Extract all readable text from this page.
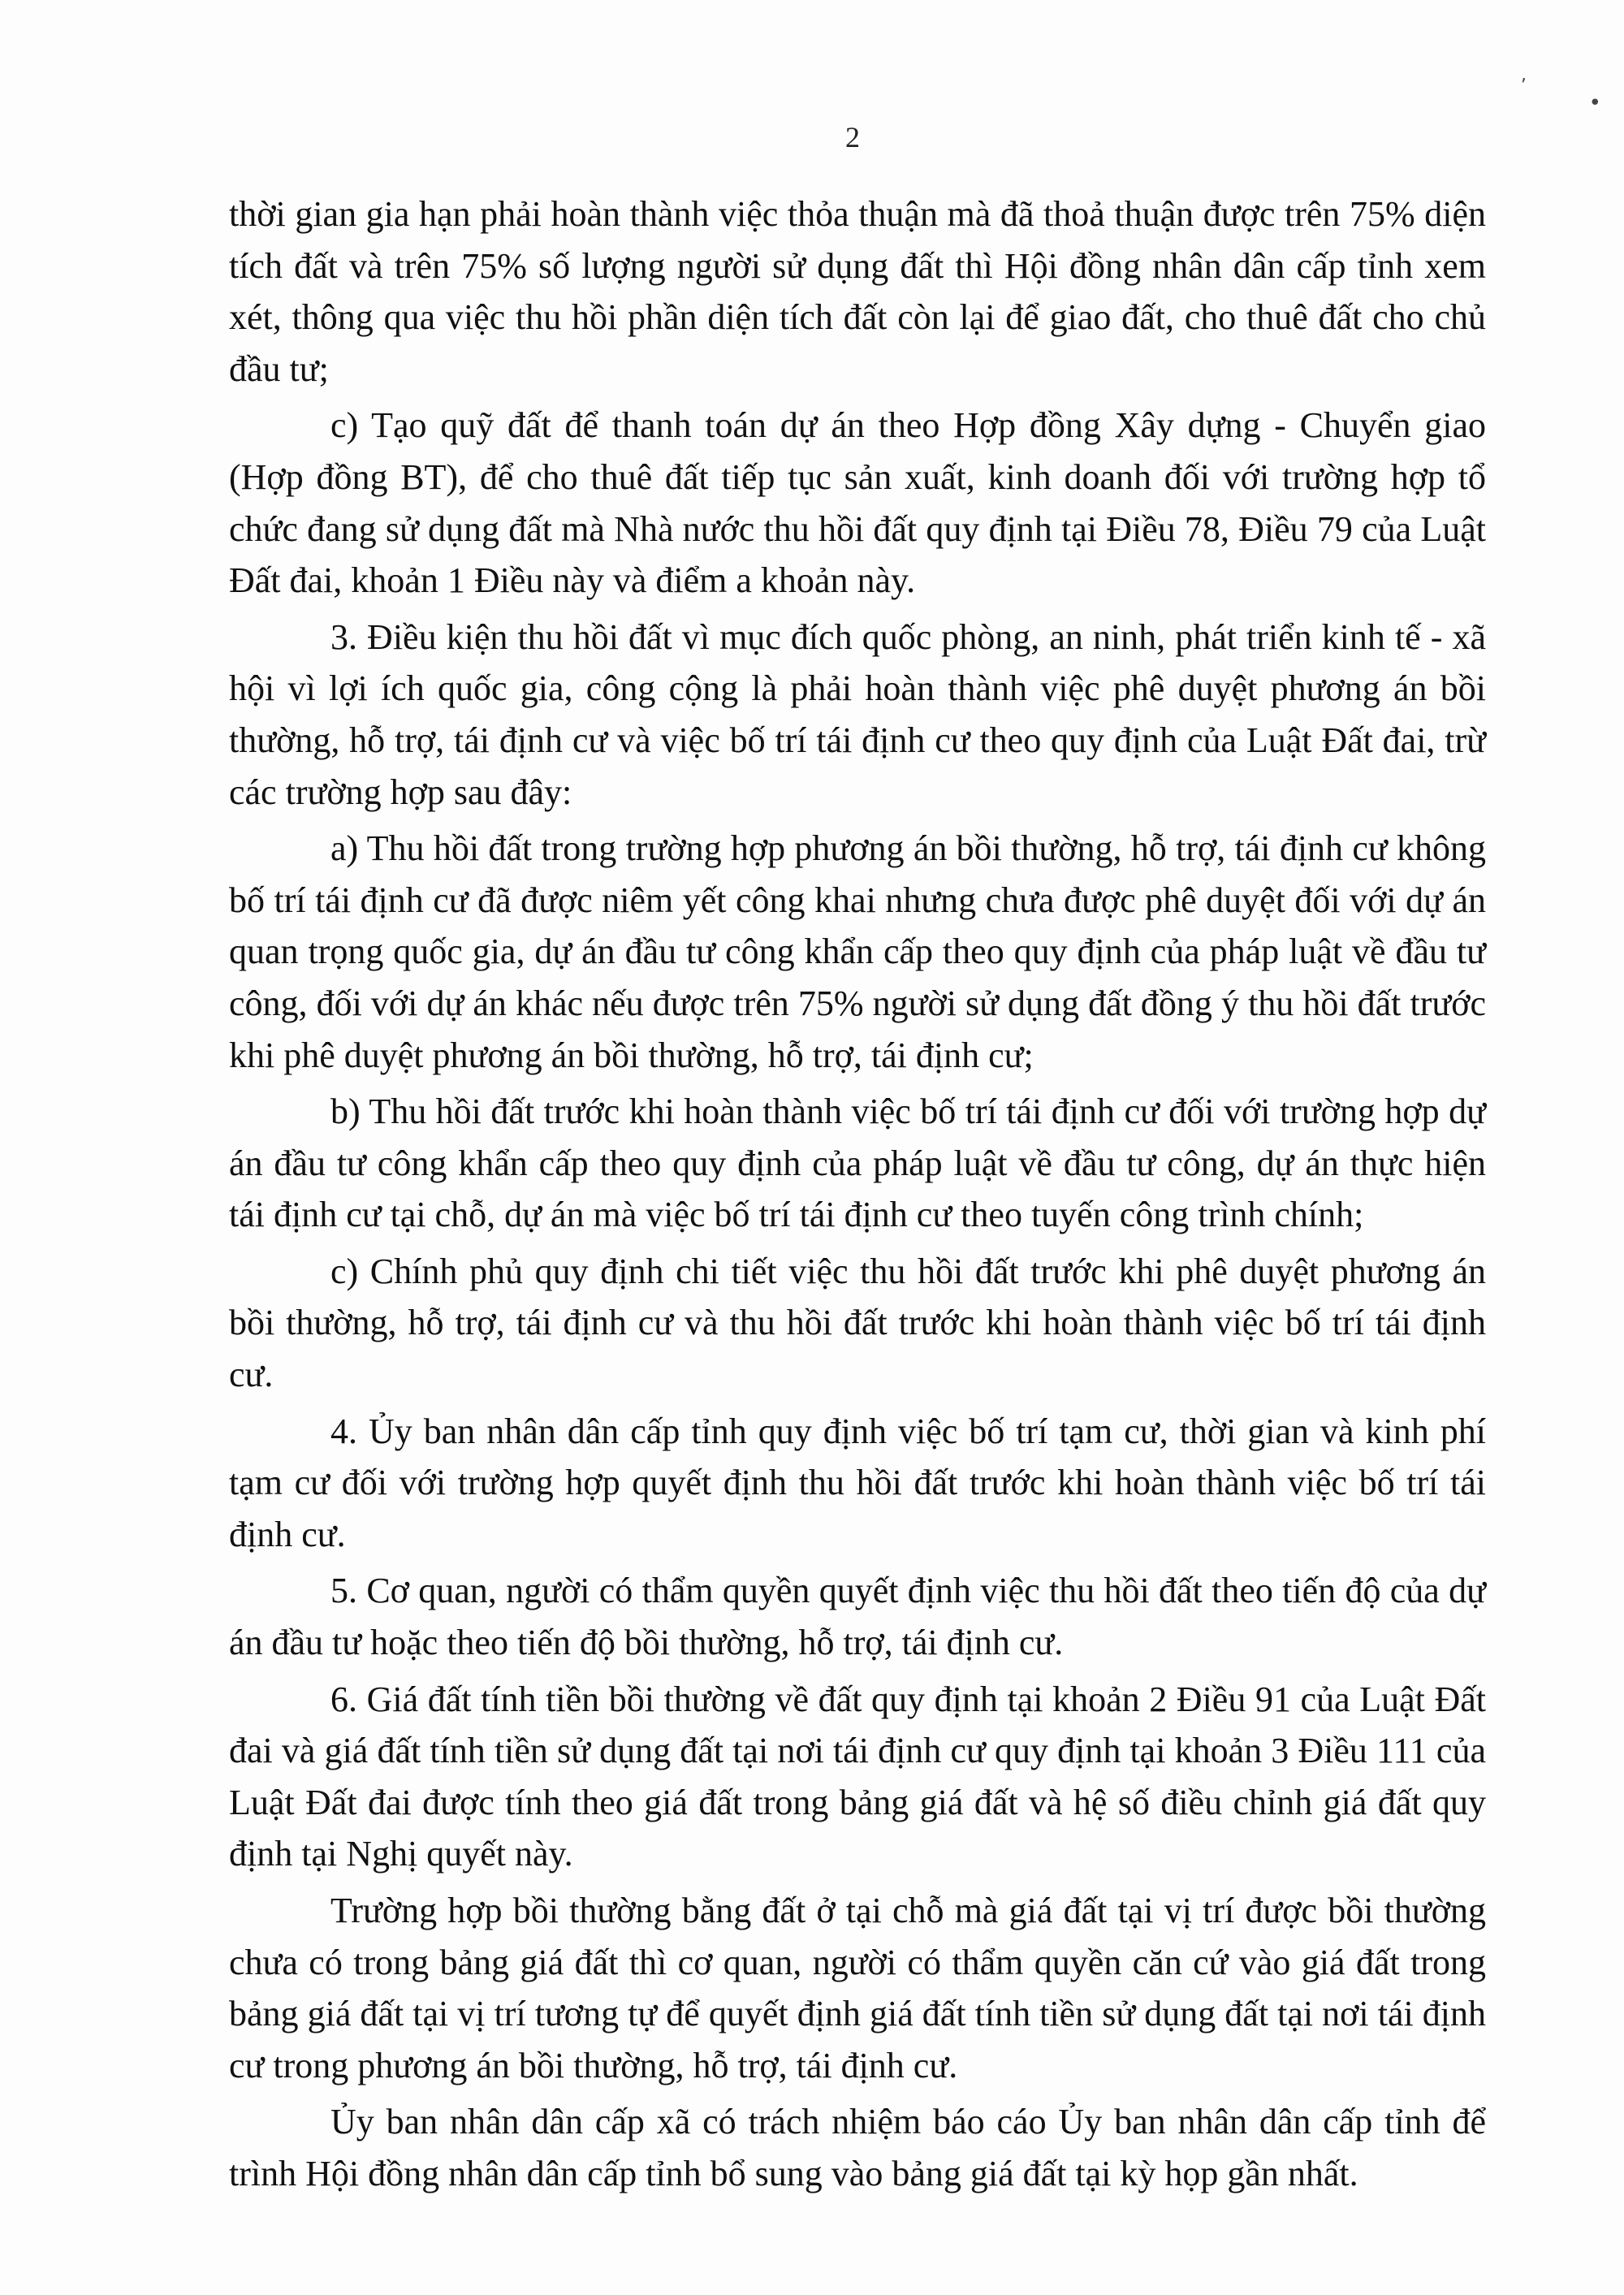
,
•
2

thời gian gia hạn phải hoàn thành việc thỏa thuận mà đã thoả thuận được trên 75% diện tích đất và trên 75% số lượng người sử dụng đất thì Hội đồng nhân dân cấp tỉnh xem xét, thông qua việc thu hồi phần diện tích đất còn lại để giao đất, cho thuê đất cho chủ đầu tư;

c) Tạo quỹ đất để thanh toán dự án theo Hợp đồng Xây dựng - Chuyển giao (Hợp đồng BT), để cho thuê đất tiếp tục sản xuất, kinh doanh đối với trường hợp tổ chức đang sử dụng đất mà Nhà nước thu hồi đất quy định tại Điều 78, Điều 79 của Luật Đất đai, khoản 1 Điều này và điểm a khoản này.

3. Điều kiện thu hồi đất vì mục đích quốc phòng, an ninh, phát triển kinh tế - xã hội vì lợi ích quốc gia, công cộng là phải hoàn thành việc phê duyệt phương án bồi thường, hỗ trợ, tái định cư và việc bố trí tái định cư theo quy định của Luật Đất đai, trừ các trường hợp sau đây:

a) Thu hồi đất trong trường hợp phương án bồi thường, hỗ trợ, tái định cư không bố trí tái định cư đã được niêm yết công khai nhưng chưa được phê duyệt đối với dự án quan trọng quốc gia, dự án đầu tư công khẩn cấp theo quy định của pháp luật về đầu tư công, đối với dự án khác nếu được trên 75% người sử dụng đất đồng ý thu hồi đất trước khi phê duyệt phương án bồi thường, hỗ trợ, tái định cư;

b) Thu hồi đất trước khi hoàn thành việc bố trí tái định cư đối với trường hợp dự án đầu tư công khẩn cấp theo quy định của pháp luật về đầu tư công, dự án thực hiện tái định cư tại chỗ, dự án mà việc bố trí tái định cư theo tuyến công trình chính;

c) Chính phủ quy định chi tiết việc thu hồi đất trước khi phê duyệt phương án bồi thường, hỗ trợ, tái định cư và thu hồi đất trước khi hoàn thành việc bố trí tái định cư.

4. Ủy ban nhân dân cấp tỉnh quy định việc bố trí tạm cư, thời gian và kinh phí tạm cư đối với trường hợp quyết định thu hồi đất trước khi hoàn thành việc bố trí tái định cư.

5. Cơ quan, người có thẩm quyền quyết định việc thu hồi đất theo tiến độ của dự án đầu tư hoặc theo tiến độ bồi thường, hỗ trợ, tái định cư.

6. Giá đất tính tiền bồi thường về đất quy định tại khoản 2 Điều 91 của Luật Đất đai và giá đất tính tiền sử dụng đất tại nơi tái định cư quy định tại khoản 3 Điều 111 của Luật Đất đai được tính theo giá đất trong bảng giá đất và hệ số điều chỉnh giá đất quy định tại Nghị quyết này.

Trường hợp bồi thường bằng đất ở tại chỗ mà giá đất tại vị trí được bồi thường chưa có trong bảng giá đất thì cơ quan, người có thẩm quyền căn cứ vào giá đất trong bảng giá đất tại vị trí tương tự để quyết định giá đất tính tiền sử dụng đất tại nơi tái định cư trong phương án bồi thường, hỗ trợ, tái định cư.

Ủy ban nhân dân cấp xã có trách nhiệm báo cáo Ủy ban nhân dân cấp tỉnh để trình Hội đồng nhân dân cấp tỉnh bổ sung vào bảng giá đất tại kỳ họp gần nhất.
